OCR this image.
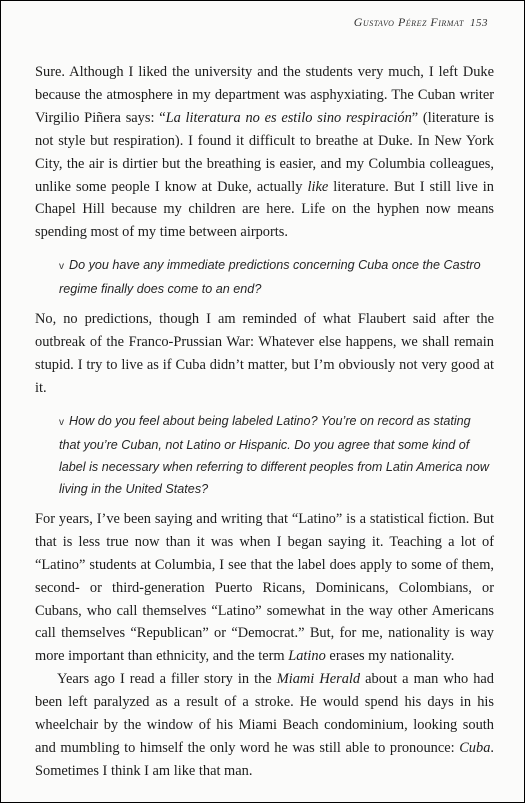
Gustavo Pérez Firmat 153

Sure. Although I liked the university and the students very much, I left Duke because the atmosphere in my department was asphyxiating. The Cuban writer Virgilio Piñera says: “La literatura no es estilo sino respiración” (literature is not style but respiration). I found it difficult to breathe at Duke. In New York City, the air is dirtier but the breathing is easier, and my Columbia colleagues, unlike some people I know at Duke, actually like literature. But I still live in Chapel Hill because my children are here. Life on the hyphen now means spending most of my time between airports.

v Do you have any immediate predictions concerning Cuba once the Castro regime finally does come to an end?

No, no predictions, though I am reminded of what Flaubert said after the outbreak of the Franco-Prussian War: Whatever else happens, we shall remain stupid. I try to live as if Cuba didn’t matter, but I’m obviously not very good at it.

v How do you feel about being labeled Latino? You’re on record as stating that you’re Cuban, not Latino or Hispanic. Do you agree that some kind of label is necessary when referring to different peoples from Latin America now living in the United States?

For years, I’ve been saying and writing that “Latino” is a statistical fiction. But that is less true now than it was when I began saying it. Teaching a lot of “Latino” students at Columbia, I see that the label does apply to some of them, second- or third-generation Puerto Ricans, Dominicans, Colombians, or Cubans, who call themselves “Latino” somewhat in the way other Americans call themselves “Republican” or “Democrat.” But, for me, nationality is way more important than ethnicity, and the term Latino erases my nationality.

Years ago I read a filler story in the Miami Herald about a man who had been left paralyzed as a result of a stroke. He would spend his days in his wheelchair by the window of his Miami Beach condominium, looking south and mumbling to himself the only word he was still able to pronounce: Cuba. Sometimes I think I am like that man.
